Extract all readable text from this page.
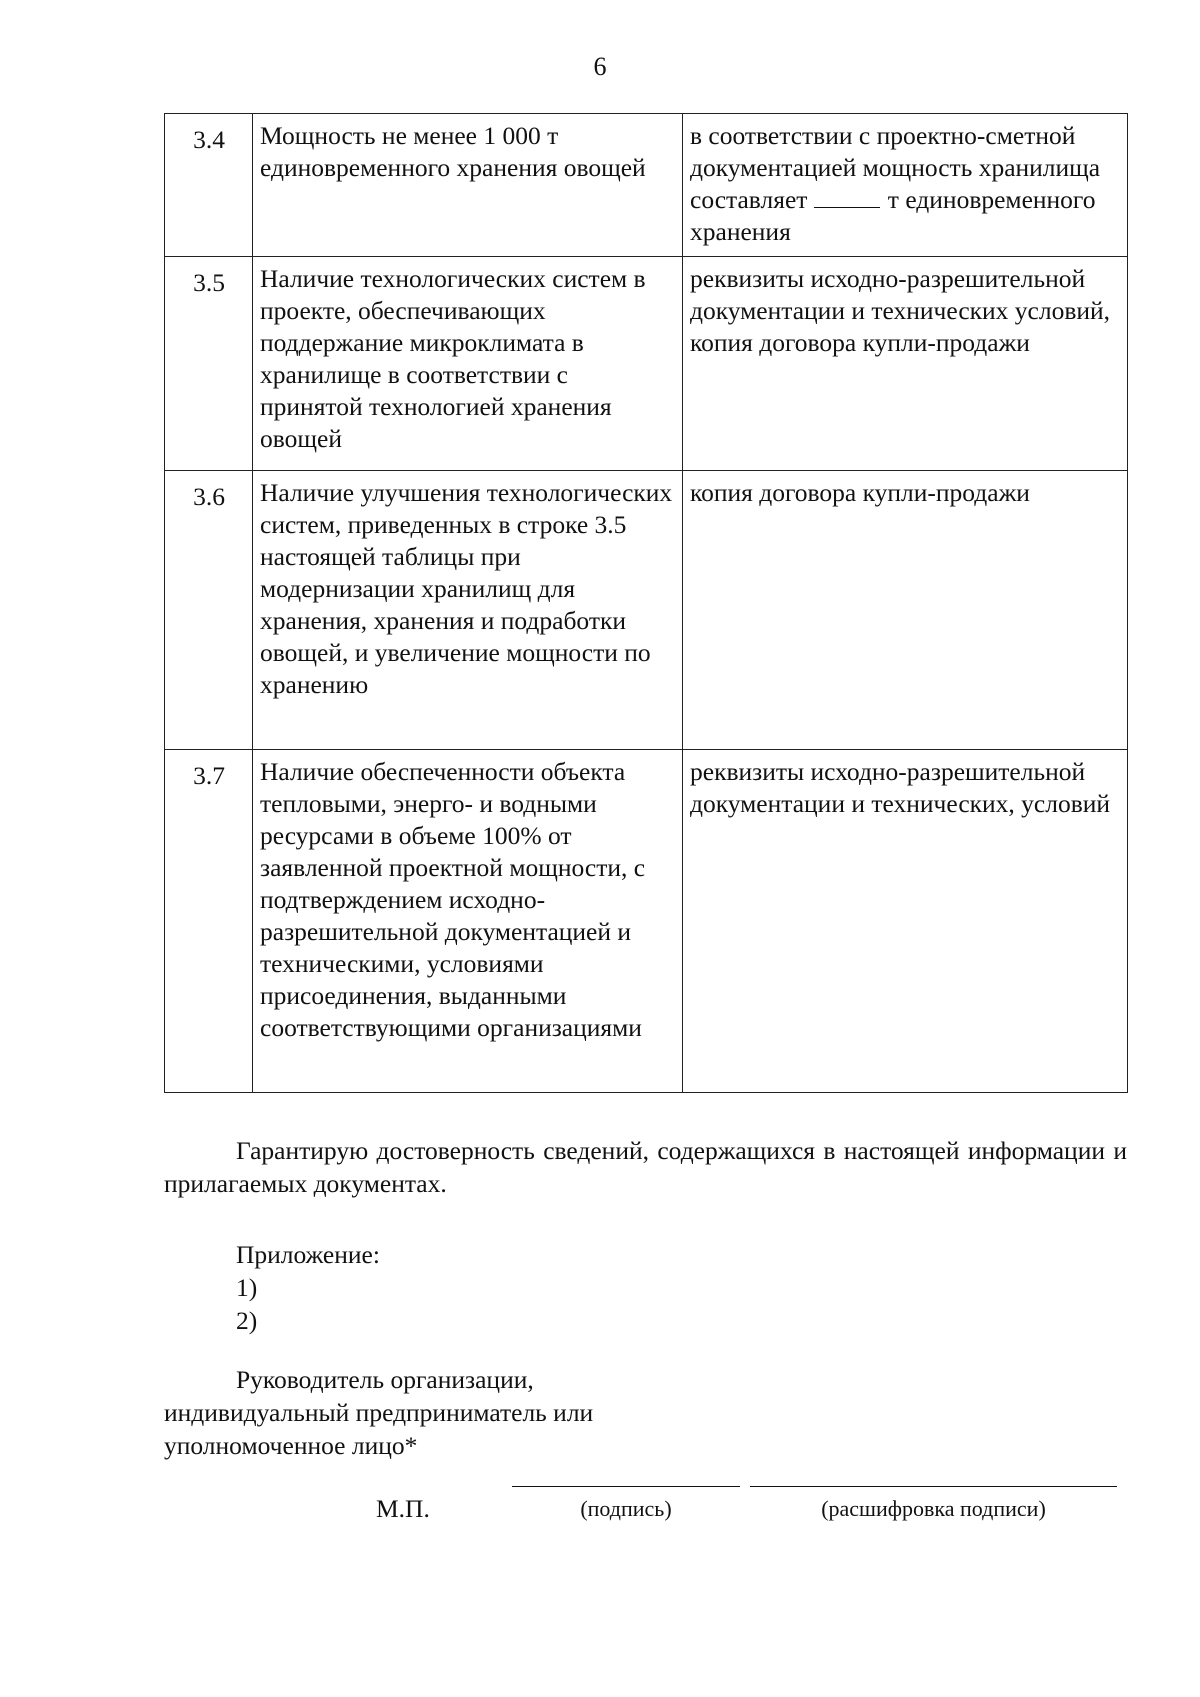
6
3.4	Мощность не менее 1 000 т единовременного хранения овощей	в соответствии с проектно-сметной документацией мощность хранилища составляет т единовременного хранения
3.5	Наличие технологических систем в проекте, обеспечивающих поддержание микроклимата в хранилище в соответствии с принятой технологией хранения овощей	реквизиты исходно-разрешительной документации и технических условий, копия договора купли-продажи
3.6	Наличие улучшения технологических систем, приведенных в строке 3.5 настоящей таблицы при модернизации хранилищ для хранения, хранения и подработки овощей, и увеличение мощности по хранению	копия договора купли-продажи
3.7	Наличие обеспеченности объекта тепловыми, энерго- и водными ресурсами в объеме 100% от заявленной проектной мощности, с подтверждением исходно-разрешительной документацией и техническими, условиями присоединения, выданными соответствующими организациями	реквизиты исходно-разрешительной документации и технических, условий

Гарантирую достоверность сведений, содержащихся в настоящей информации и прилагаемых документах.

Приложение:
1)
2)
Руководитель организации,
индивидуальный предприниматель или
уполномоченное лицо*
М.П.	(подпись)	(расшифровка подписи)
